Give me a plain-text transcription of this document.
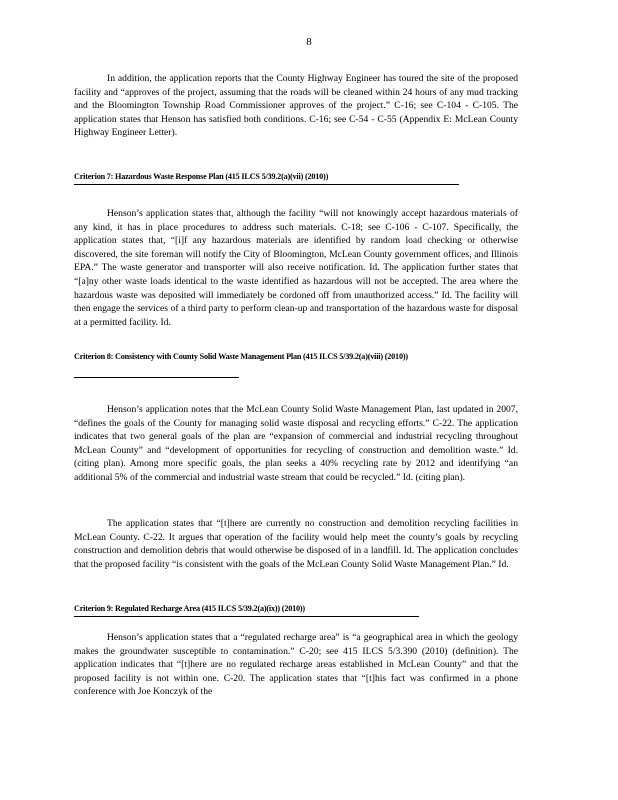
8

In addition, the application reports that the County Highway Engineer has toured the site of the proposed facility and “approves of the project, assuming that the roads will be cleaned within 24 hours of any mud tracking and the Bloomington Township Road Commissioner approves of the project.” C-16; see C-104 - C-105. The application states that Henson has satisfied both conditions. C-16; see C-54 - C-55 (Appendix E: McLean County Highway Engineer Letter).

Criterion 7: Hazardous Waste Response Plan (415 ILCS 5/39.2(a)(vii) (2010))

Henson’s application states that, although the facility “will not knowingly accept hazardous materials of any kind, it has in place procedures to address such materials. C-18; see C-106 - C-107. Specifically, the application states that, “[i]f any hazardous materials are identified by random load checking or otherwise discovered, the site foreman will notify the City of Bloomington, McLean County government offices, and Illinois EPA.” The waste generator and transporter will also receive notification. Id. The application further states that “[a]ny other waste loads identical to the waste identified as hazardous will not be accepted. The area where the hazardous waste was deposited will immediately be cordoned off from unauthorized access.” Id. The facility will then engage the services of a third party to perform clean-up and transportation of the hazardous waste for disposal at a permitted facility. Id.

Criterion 8: Consistency with County Solid Waste Management Plan (415 ILCS 5/39.2(a)(viii) (2010))

Henson’s application notes that the McLean County Solid Waste Management Plan, last updated in 2007, “defines the goals of the County for managing solid waste disposal and recycling efforts.” C-22. The application indicates that two general goals of the plan are “expansion of commercial and industrial recycling throughout McLean County” and “development of opportunities for recycling of construction and demolition waste.” Id. (citing plan). Among more specific goals, the plan seeks a 40% recycling rate by 2012 and identifying “an additional 5% of the commercial and industrial waste stream that could be recycled.” Id. (citing plan).

The application states that “[t]here are currently no construction and demolition recycling facilities in McLean County. C-22. It argues that operation of the facility would help meet the county’s goals by recycling construction and demolition debris that would otherwise be disposed of in a landfill. Id. The application concludes that the proposed facility “is consistent with the goals of the McLean County Solid Waste Management Plan.” Id.

Criterion 9: Regulated Recharge Area (415 ILCS 5/39.2(a)(ix)) (2010))

Henson’s application states that a “regulated recharge area” is “a geographical area in which the geology makes the groundwater susceptible to contamination.” C-20; see 415 ILCS 5/3.390 (2010) (definition). The application indicates that “[t]here are no regulated recharge areas established in McLean County” and that the proposed facility is not within one. C-20. The application states that “[t]his fact was confirmed in a phone conference with Joe Konczyk of the
